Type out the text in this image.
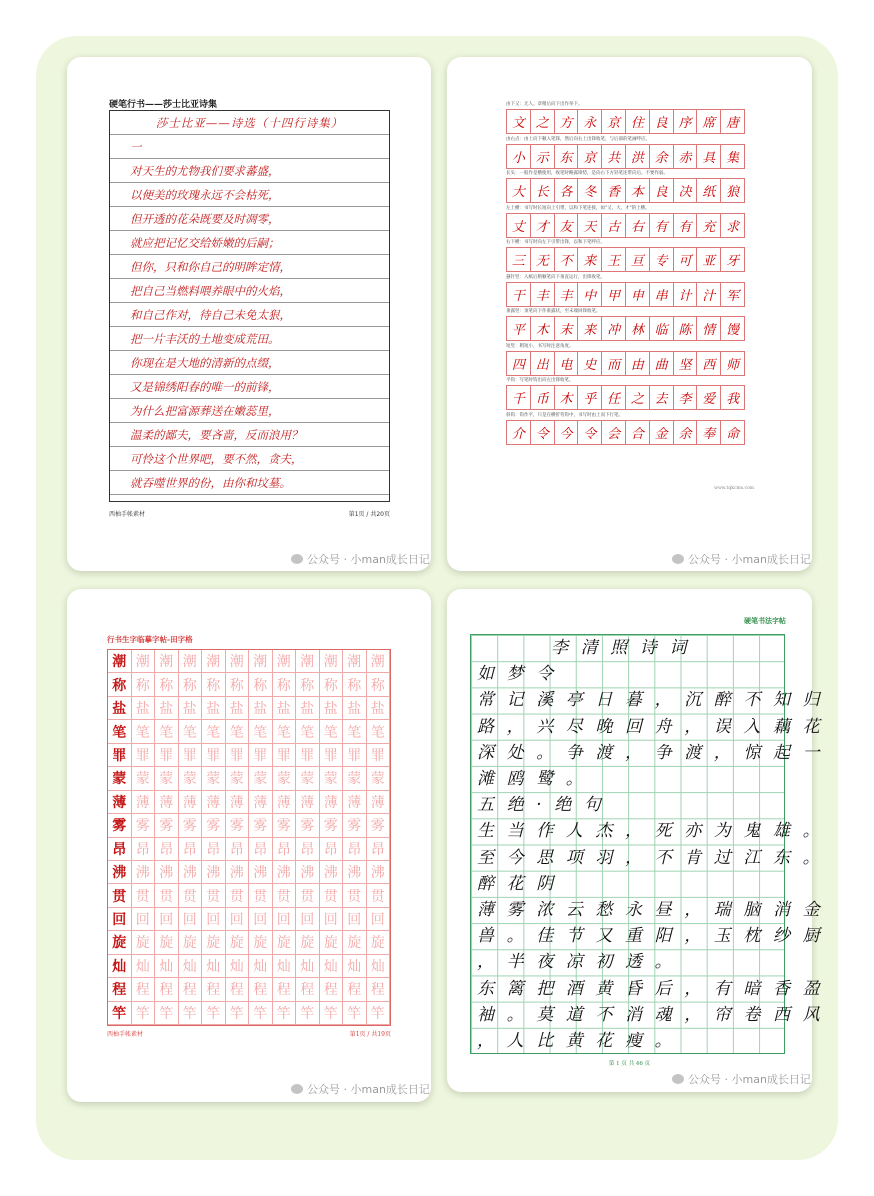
硬笔行书——莎士比亚诗集
莎士比亚——诗选（十四行诗集）
一
对天生的尤物我们要求蕃盛，
以便美的玫瑰永远不会枯死，
但开透的花朵既要及时凋零，
就应把记忆交给娇嫩的后嗣；
但你，只和你自己的明眸定情，
把自己当燃料喂养眼中的火焰，
和自己作对，待自己未免太狠，
把一片丰沃的土地变成荒田。
你现在是大地的清新的点缀，
又是锦绣阳春的唯一的前锋，
为什么把富源葬送在嫩蕊里，
温柔的鄙夫，要吝啬，反而浪用？
可怜这个世界吧，要不然，贪夫，
就吞噬世界的份，由你和坟墓。
西柚手帐素材	第1页 / 共20页
公众号 · 小man成长日记
www.tqkcms.com
由下又：无人。章稍后向下出作举下。
文 之 方 永 京 住 良 序 席 唐
由右点：由上向下顿入笔锋，然后向右上出锋收笔，与后部的笔画呼应。
小 示 东 京 共 洪 余 赤 具 集
长头：一般作是横使用，收笔时略露锋势，是向右下方轻笔连带向后。不要作弱。
大 长 各 冬 香 本 良 决 纸 狼
左上横：书写时长短向上引带，以和下笔连接，如"又、大、才"的上横。
丈 才 友 天 古 右 有 有 充 求
右下横：书写时向左下引带出锋，以和下笔呼应。
三 无 不 来 王 亘 专 可 亚 牙
悬针竖：入纸后稍顿笔向下垂直运行，出锋收笔。
干 丰 丰 中 甲 申 串 计 汁 军
垂露竖：顶笔向下作垂露状，至末端回锋收笔。
平 木 末 来 冲 林 临 陈 情 馒
短竖：稍短小，书写时注意角度。
四 出 电 史 而 由 曲 坚 西 师
平钩：写笔时钩出向左出锋收笔。
千 币 木 乎 任 之 去 李 爱 我
斜钩：钩作平，只是在横折弯钩中，书写时由上而下行笔。
介 令 今 令 会 合 金 余 奉 命
公众号 · 小man成长日记
行书生字临摹字帖-田字格
潮 潮 潮 潮 潮 潮 潮 潮 潮 潮 潮 潮
称 称 称 称 称 称 称 称 称 称 称 称
盐 盐 盐 盐 盐 盐 盐 盐 盐 盐 盐 盐
笔 笔 笔 笔 笔 笔 笔 笔 笔 笔 笔 笔
罪 罪 罪 罪 罪 罪 罪 罪 罪 罪 罪 罪
蒙 蒙 蒙 蒙 蒙 蒙 蒙 蒙 蒙 蒙 蒙 蒙
薄 薄 薄 薄 薄 薄 薄 薄 薄 薄 薄 薄
雾 雾 雾 雾 雾 雾 雾 雾 雾 雾 雾 雾
昂 昂 昂 昂 昂 昂 昂 昂 昂 昂 昂 昂
沸 沸 沸 沸 沸 沸 沸 沸 沸 沸 沸 沸
贯 贯 贯 贯 贯 贯 贯 贯 贯 贯 贯 贯
回 回 回 回 回 回 回 回 回 回 回 回
旋 旋 旋 旋 旋 旋 旋 旋 旋 旋 旋 旋
灿 灿 灿 灿 灿 灿 灿 灿 灿 灿 灿 灿
程 程 程 程 程 程 程 程 程 程 程 程
竿 竿 竿 竿 竿 竿 竿 竿 竿 竿 竿 竿
西柚手帐素材	第1页 / 共19页
公众号 · 小man成长日记
硬笔书法字帖
李清照诗词
如梦令
常记溪亭日暮，沉醉不知归
路，兴尽晚回舟，误入藕花
深处。争渡，争渡，惊起一
滩鸥鹭。
五绝·绝句
生当作人杰，死亦为鬼雄。
至今思项羽，不肯过江东。
醉花阴
薄雾浓云愁永昼，瑞脑消金
兽。佳节又重阳，玉枕纱厨
，半夜凉初透。
东篱把酒黄昏后，有暗香盈
袖。莫道不消魂，帘卷西风
，人比黄花瘦。
第 1 页 共 46 页
公众号 · 小man成长日记
